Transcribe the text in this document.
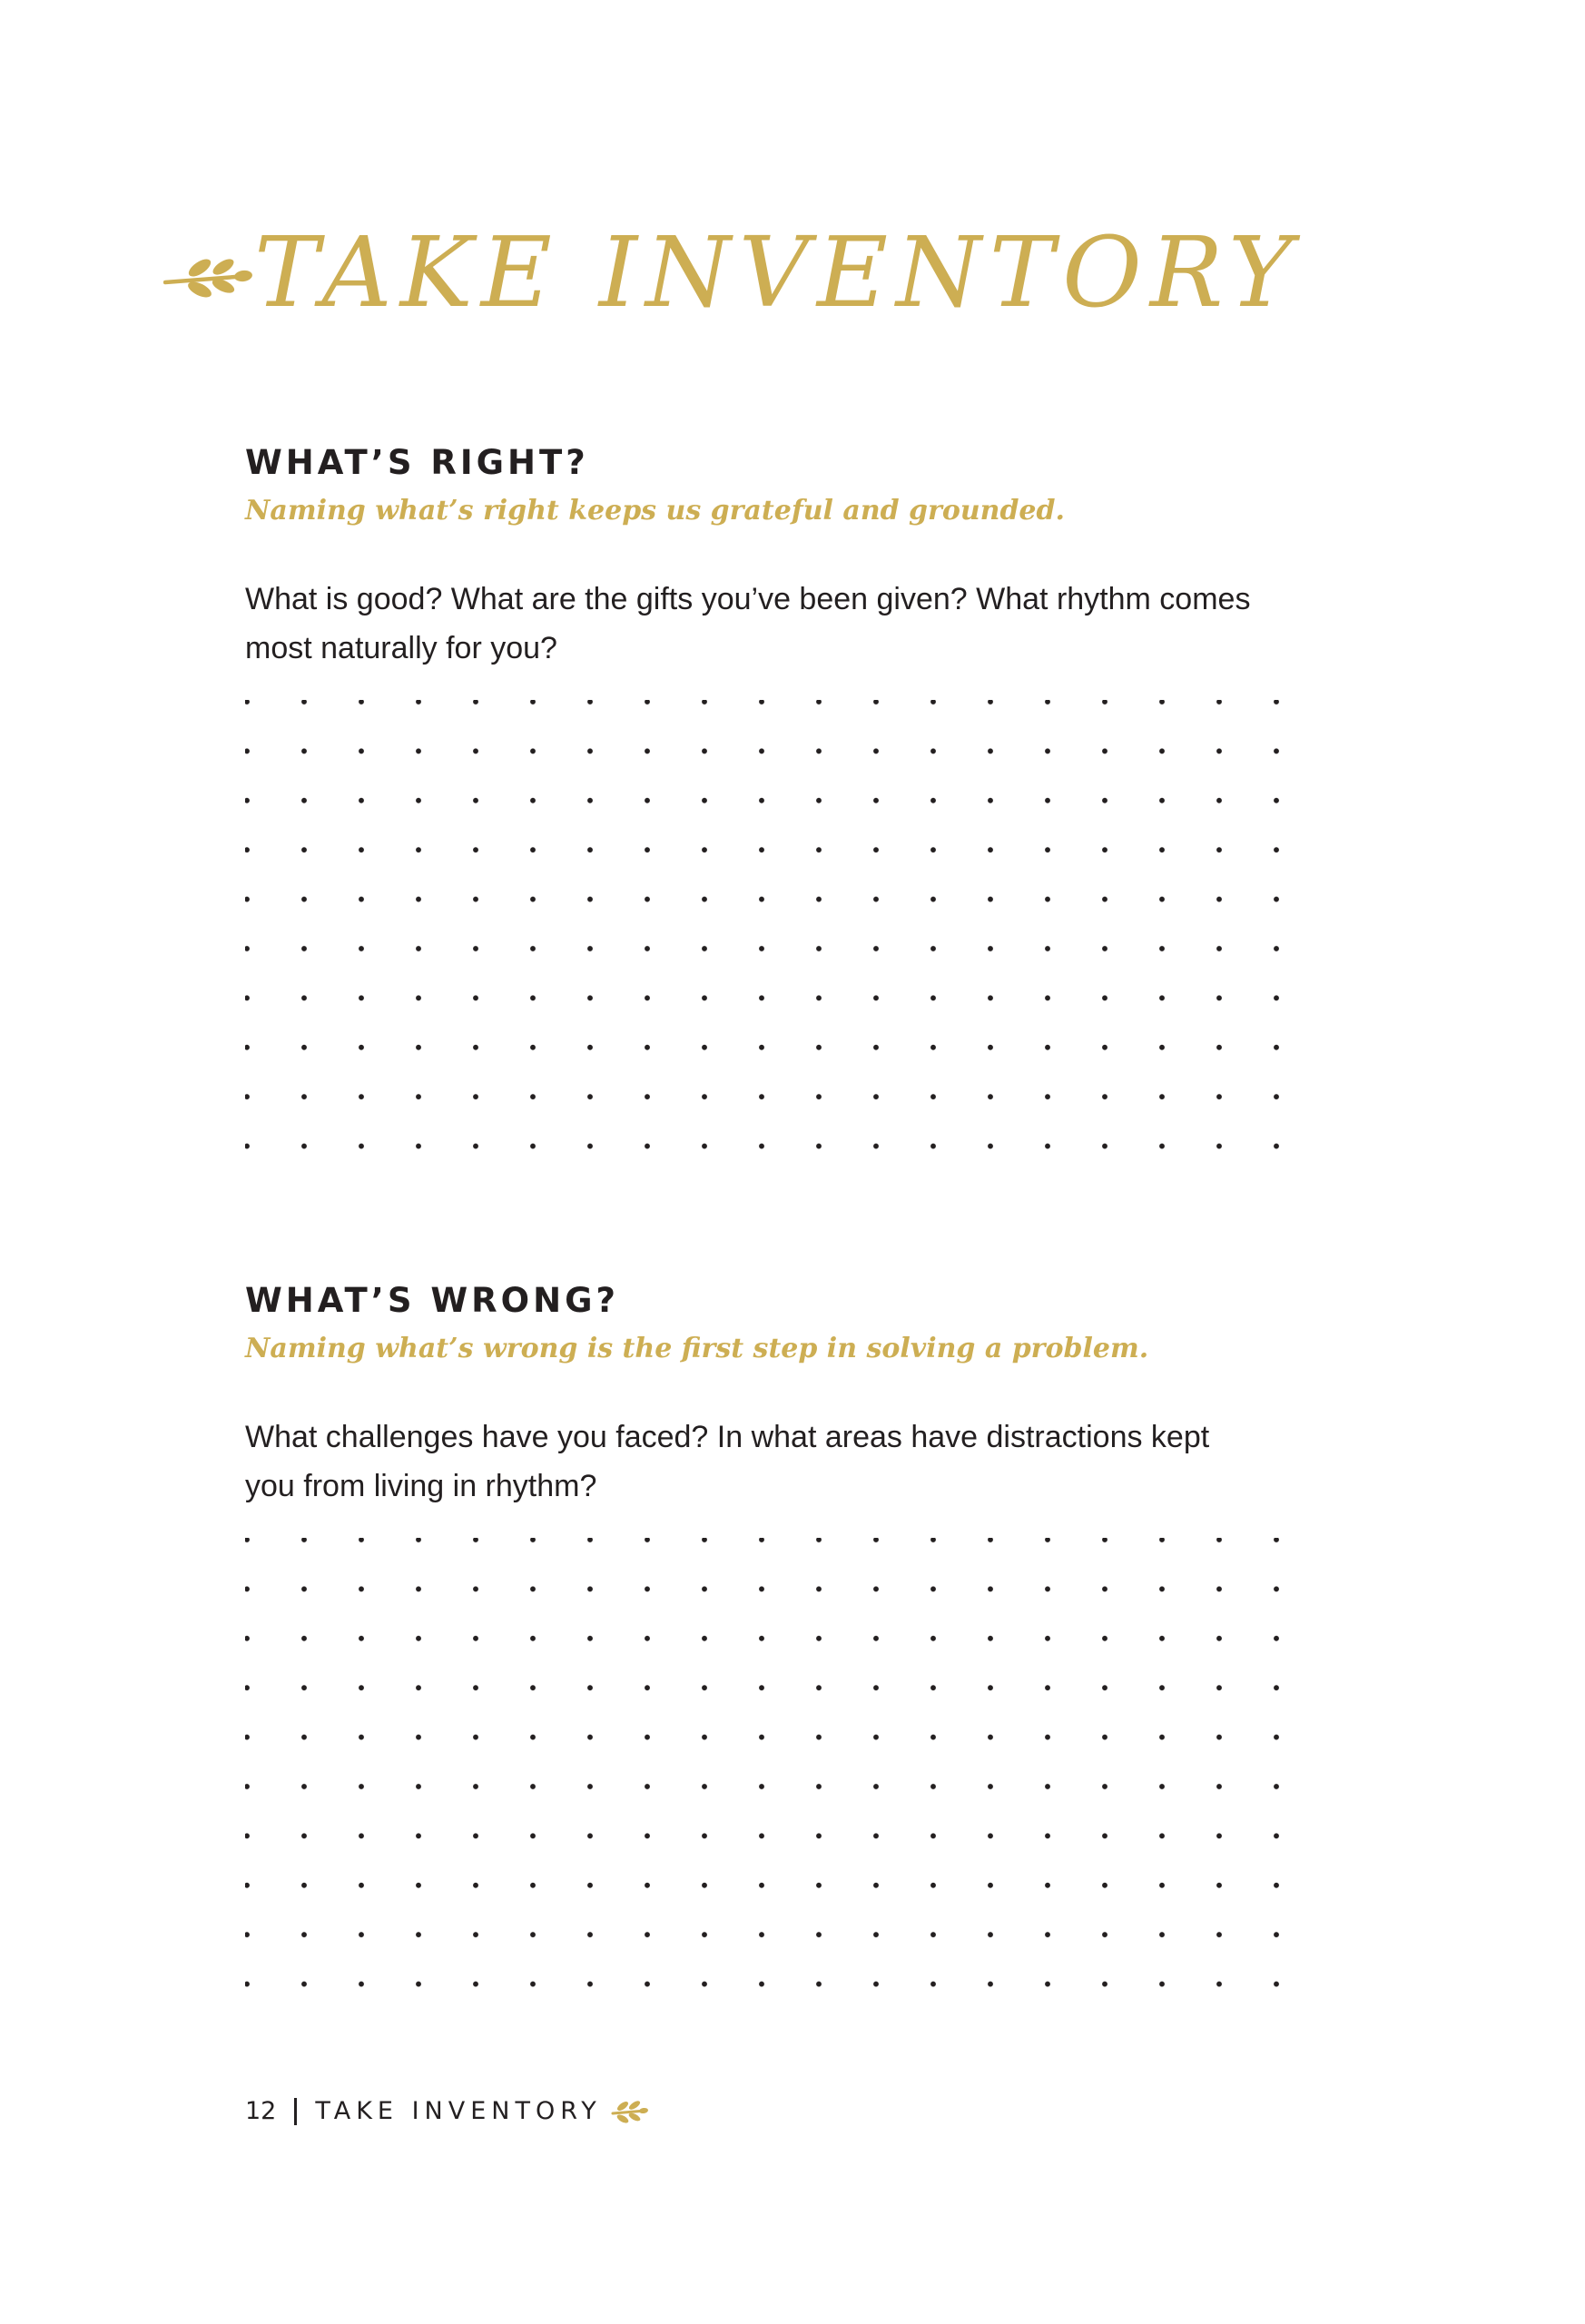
TAKE INVENTORY
WHAT’S RIGHT?

Naming what’s right keeps us grateful and grounded.

What is good? What are the gifts you’ve been given? What rhythm comes most naturally for you?

WHAT’S WRONG?

Naming what’s wrong is the first step in solving a problem.

What challenges have you faced? In what areas have distractions kept you from living in rhythm?

12 TAKE INVENTORY
